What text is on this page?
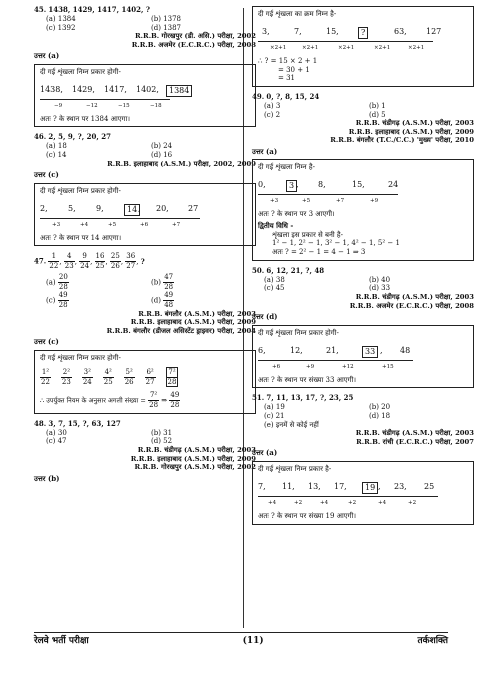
45. 1438, 1429, 1417, 1402, ?
(a) 1384	(b) 1378
(c) 1392	(d) 1387
R.R.B. गोरखपुर (डी. असि.) परीक्षा, 2002
R.R.B. अजमेर (E.C.R.C.) परीक्षा, 2008
उत्तर (a)
दी गई शृंखला निम्न प्रकार होगी-
1438, 1429, 1417, 1402,	1384
−9	−12	−15	−18
अतः ? के स्थान पर 1384 आएगा।
46. 2, 5, 9, ?, 20, 27
(a) 18	(b) 24
(c) 14	(d) 16
R.R.B. इलाहाबाद (A.S.M.) परीक्षा, 2002, 2009
उत्तर (c)
दी गई शृंखला निम्न प्रकार होगी-
2,	5,	9,	14 , 20, 27
+3	+4	+5	+6	+7
अतः ? के स्थान पर 14 आएगा।
47. $\frac{1}{22}$ , $\frac{4}{23}$ , $\frac{9}{24}$ , $\frac{16}{25}$ , $\frac{25}{26}$ , $\frac{36}{27}$ , ?
$(a) \frac{20}{28}$	$(b) \frac{47}{28}$
$(c) \frac{49}{28}$	$(d) \frac{49}{48}$
R.R.B. बंगलौर (A.S.M.) परीक्षा, 2003
R.R.B. इलाहाबाद (A.S.M.) परीक्षा, 2009
R.R.B. बंगलौर (डीजल असिस्टेंट ड्राइवर) परीक्षा, 2004
उत्तर (c)
दी गई शृंखला निम्न प्रकार होगी-
$\frac{\text{1²}}{22} \frac{\text{2²}}{23} \frac{\text{3²}}{24} \frac{\text{4²}}{25} \frac{\text{5²}}{26} \frac{\text{6²}}{27} \frac{\text{7²}}{28}$
∴ उपर्युक्त नियम के अनुसार अगली संख्या = $\frac{\text{7²}}{28}$ ⇒ $\frac{49}{28}$
48. 3, 7, 15, ?, 63, 127
(a) 30	(b) 31
(c) 47	(d) 52
R.R.B. चंडीगढ़ (A.S.M.) परीक्षा, 2003
R.R.B. इलाहाबाद (A.S.M.) परीक्षा, 2009
R.R.B. गोरखपुर (A.S.M.) परीक्षा, 2002
उत्तर (b)
दी गई शृंखला का क्रम निम्न है-
3,	7,	15,	?	63, 127
×2+1	×2+1	×2+1	×2+1	×2+1
∴ ? = 15 × 2 + 1
= 30 + 1
= 31
49. 0, ?, 8, 15, 24
(a) 3	(b) 1
(c) 2	(d) 5
R.R.B. चंडीगढ़ (A.S.M.) परीक्षा, 2003
R.R.B. इलाहाबाद (A.S.M.) परीक्षा, 2009
R.R.B. बंगलौर (T.C./C.C.) 'मुख्य' परीक्षा, 2010
उत्तर (a)
दी गई शृंखला निम्न है-
0,	3 , 8,	15,	24
+3	+5	+7	+9
अतः ? के स्थान पर 3 आएगी।
द्वितीय विधि -
शृंखला इस प्रकार से बनी है-
1² − 1, 2² − 1, 3² − 1, 4² − 1, 5² − 1
अतः ? = 2² − 1 = 4 − 1 ⇒ 3
50. 6, 12, 21, ?, 48
(a) 38	(b) 40
(c) 45	(d) 33
R.R.B. चंडीगढ़ (A.S.M.) परीक्षा, 2003
R.R.B. अजमेर (E.C.R.C.) परीक्षा, 2008
उत्तर (d)
दी गई शृंखला निम्न प्रकार होगी-
6,	12,	21,	33 , 48
+6	+9	+12	+15
अतः ? के स्थान पर संख्या 33 आएगी।
51. 7, 11, 13, 17, ?, 23, 25
(a) 19	(b) 20
(c) 21	(d) 18
(e) इनमें से कोई नहीं
R.R.B. चंडीगढ़ (A.S.M.) परीक्षा, 2003
R.R.B. रांची (E.C.R.C.) परीक्षा, 2007
उत्तर (a)
दी गई शृंखला निम्न प्रकार है-
7, 11, 13, 17,	19 , 23, 25
+4	+2	+4	+2	+4	+2
अतः ? के स्थान पर संख्या 19 आएगी।
रेलवे भर्ती परीक्षा	(11)	तर्कशक्ति
